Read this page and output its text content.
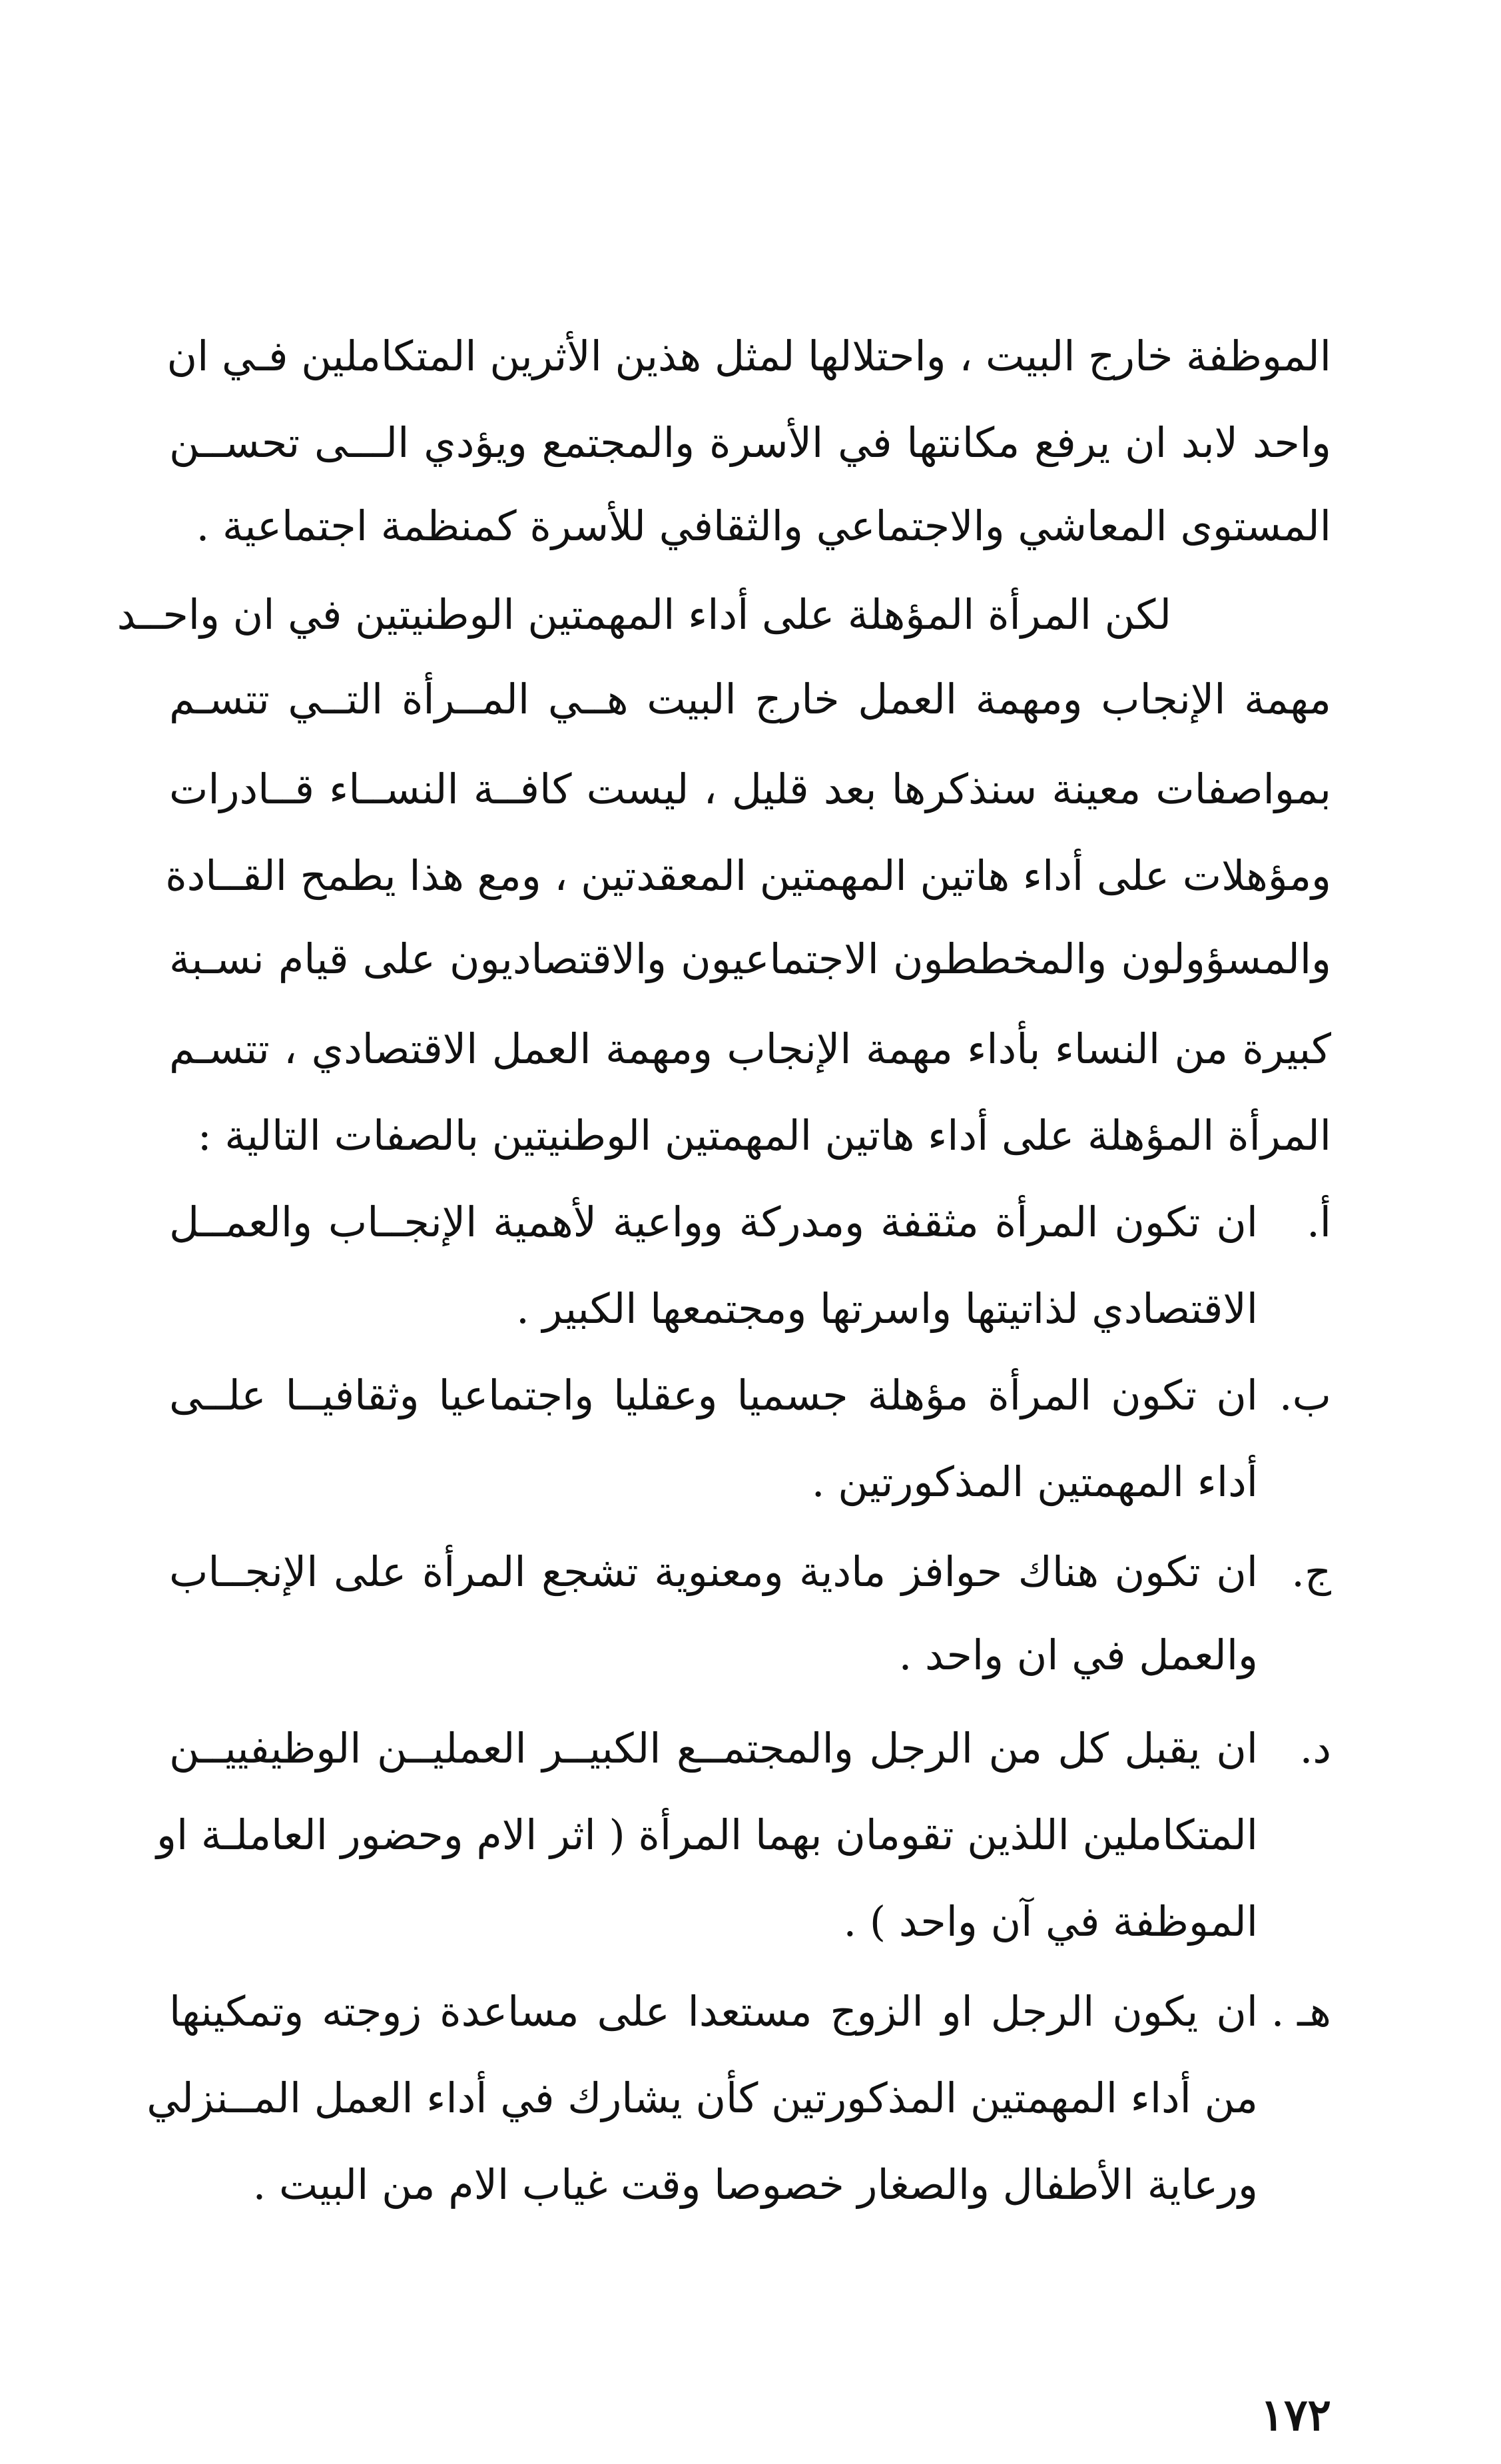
الموظفة خارج البيت ، واحتلالها لمثل هذين الأثرين المتكاملين فـي ان
واحد لابد ان يرفع مكانتها في الأسرة والمجتمع ويؤدي الـــى تحســن
المستوى المعاشي والاجتماعي والثقافي للأسرة كمنظمة اجتماعية .
لكن المرأة المؤهلة على أداء المهمتين الوطنيتين في ان واحــد
مهمة الإنجاب ومهمة العمل خارج البيت هــي المــرأة التــي تتسـم
بمواصفات معينة سنذكرها بعد قليل ، ليست كافــة النســاء قــادرات
ومؤهلات على أداء هاتين المهمتين المعقدتين ، ومع هذا يطمح القــادة
والمسؤولون والمخططون الاجتماعيون والاقتصاديون على قيام نسـبة
كبيرة من النساء بأداء مهمة الإنجاب ومهمة العمل الاقتصادي ، تتسـم
المرأة المؤهلة على أداء هاتين المهمتين الوطنيتين بالصفات التالية :
أ.
ان تكون المرأة مثقفة ومدركة وواعية لأهمية الإنجــاب والعمــل
الاقتصادي لذاتيتها واسرتها ومجتمعها الكبير .
ب.
ان تكون المرأة مؤهلة جسميا وعقليا واجتماعيا وثقافيــا علــى
أداء المهمتين المذكورتين .
ج.
ان تكون هناك حوافز مادية ومعنوية تشجع المرأة على الإنجــاب
والعمل في ان واحد .
د.
ان يقبل كل من الرجل والمجتمــع الكبيــر العمليــن الوظيفييــن
المتكاملين اللذين تقومان بهما المرأة ( اثر الام وحضور العاملـة او
الموظفة في آن واحد ) .
هـ .
ان يكون الرجل او الزوج مستعدا على مساعدة زوجته وتمكينها
من أداء المهمتين المذكورتين كأن يشارك في أداء العمل المــنزلي
ورعاية الأطفال والصغار خصوصا وقت غياب الام من البيت .
١٧٢
